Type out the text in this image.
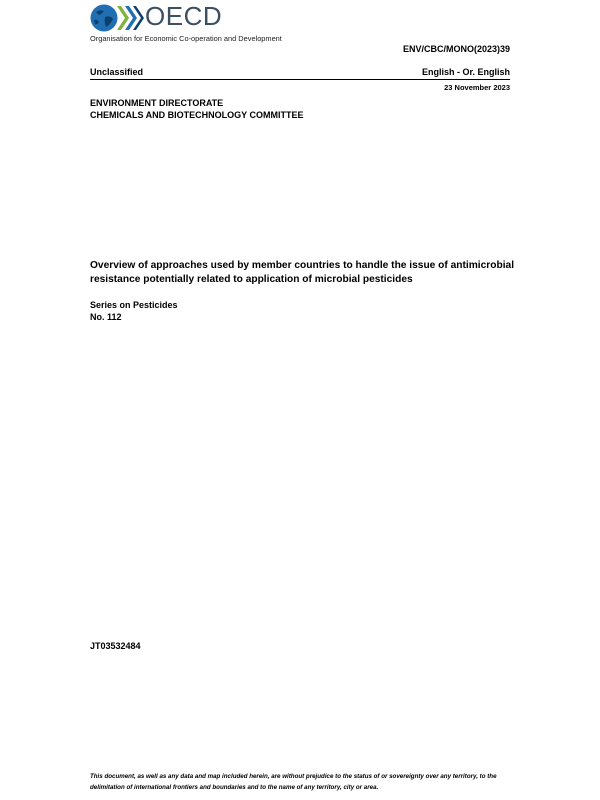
OECD
Organisation for Economic Co-operation and Development
ENV/CBC/MONO(2023)39
Unclassified	English - Or. English
23 November 2023
ENVIRONMENT DIRECTORATE
CHEMICALS AND BIOTECHNOLOGY COMMITTEE
Overview of approaches used by member countries to handle the issue of antimicrobial
resistance potentially related to application of microbial pesticides
Series on Pesticides
No. 112
JT03532484
This document, as well as any data and map included herein, are without prejudice to the status of or sovereignty over any territory, to the
delimitation of international frontiers and boundaries and to the name of any territory, city or area.
